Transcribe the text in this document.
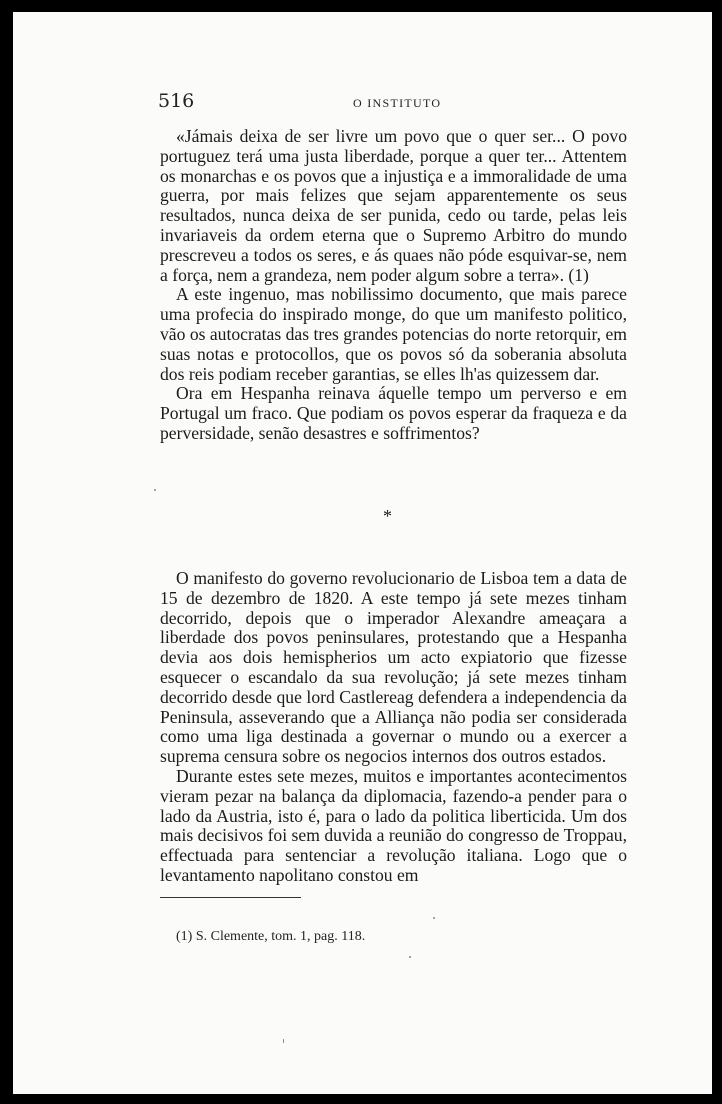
516	O INSTITUTO

«Jámais deixa de ser livre um povo que o quer ser... O povo portuguez terá uma justa liberdade, porque a quer ter... Attentem os monarchas e os povos que a injustiça e a immoralidade de uma guerra, por mais felizes que sejam apparentemente os seus resultados, nunca deixa de ser punida, cedo ou tarde, pelas leis invariaveis da ordem eterna que o Supremo Arbitro do mundo prescreveu a todos os seres, e ás quaes não póde esquivar-se, nem a força, nem a grandeza, nem poder algum sobre a terra». (1)

A este ingenuo, mas nobilissimo documento, que mais parece uma profecia do inspirado monge, do que um manifesto politico, vão os autocratas das tres grandes potencias do norte retorquir, em suas notas e protocollos, que os povos só da soberania absoluta dos reis podiam receber garantias, se elles lh'as quizessem dar.

Ora em Hespanha reinava áquelle tempo um perverso e em Portugal um fraco. Que podiam os povos esperar da fraqueza e da perversidade, senão desastres e soffrimentos?

*

O manifesto do governo revolucionario de Lisboa tem a data de 15 de dezembro de 1820. A este tempo já sete mezes tinham decorrido, depois que o imperador Alexandre ameaçara a liberdade dos povos peninsulares, protestando que a Hespanha devia aos dois hemispherios um acto expiatorio que fizesse esquecer o escandalo da sua revolução; já sete mezes tinham decorrido desde que lord Castlereag defendera a independencia da Peninsula, asseverando que a Alliança não podia ser considerada como uma liga destinada a governar o mundo ou a exercer a suprema censura sobre os negocios internos dos outros estados.

Durante estes sete mezes, muitos e importantes acontecimentos vieram pezar na balança da diplomacia, fazendo-a pender para o lado da Austria, isto é, para o lado da politica liberticida. Um dos mais decisivos foi sem duvida a reunião do congresso de Troppau, effectuada para sentenciar a revolução italiana. Logo que o levantamento napolitano constou em

(1) S. Clemente, tom. 1, pag. 118.
